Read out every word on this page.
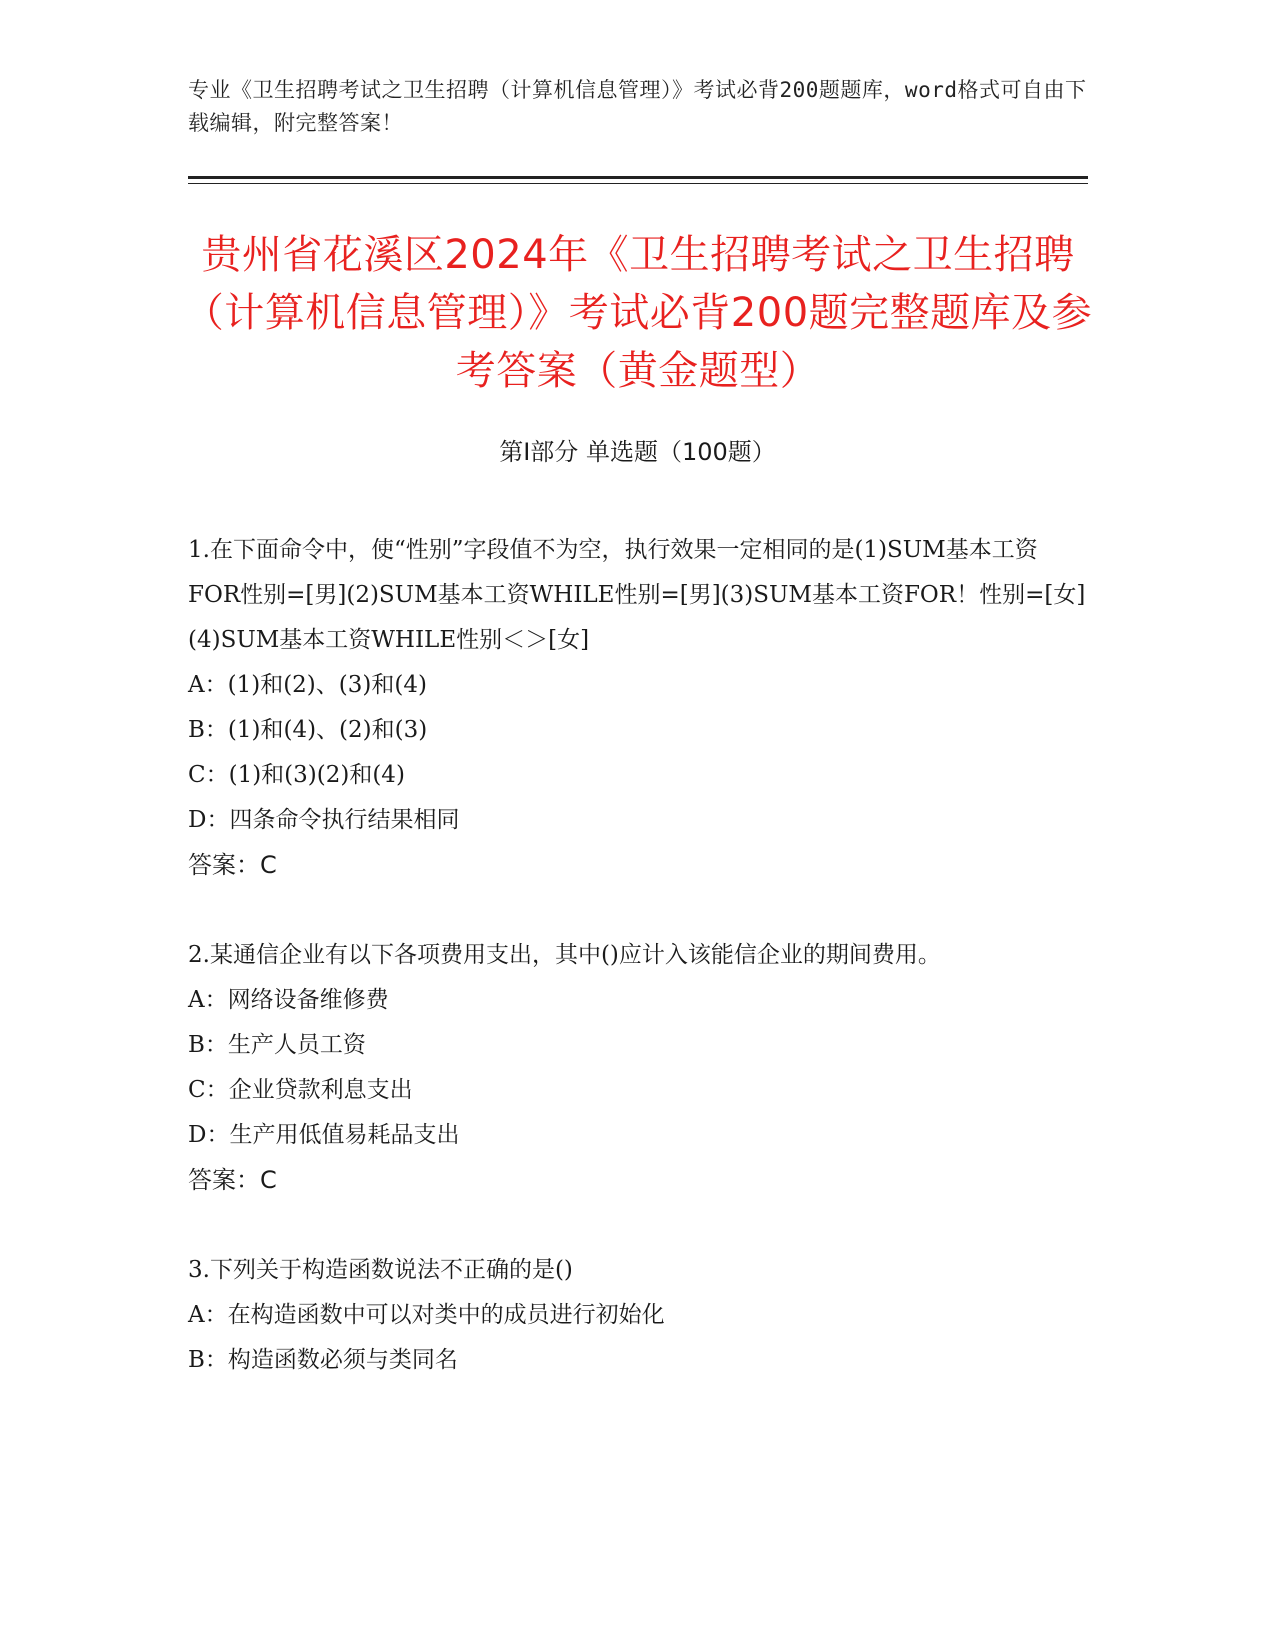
专业《卫生招聘考试之卫生招聘（计算机信息管理）》考试必背200题题库，word格式可自由下载编辑，附完整答案！
贵州省花溪区2024年《卫生招聘考试之卫生招聘（计算机信息管理）》考试必背200题完整题库及参考答案（黄金题型）
第I部分 单选题（100题）

1.在下面命令中，使“性别”字段值不为空，执行效果一定相同的是(1)SUM基本工资FOR性别=[男](2)SUM基本工资WHILE性别=[男](3)SUM基本工资FOR！性别=[女](4)SUM基本工资WHILE性别＜＞[女]

A：(1)和(2)、(3)和(4)

B：(1)和(4)、(2)和(3)

C：(1)和(3)(2)和(4)

D：四条命令执行结果相同

答案：C

2.某通信企业有以下各项费用支出，其中()应计入该能信企业的期间费用。

A：网络设备维修费

B：生产人员工资

C：企业贷款利息支出

D：生产用低值易耗品支出

答案：C

3.下列关于构造函数说法不正确的是()

A：在构造函数中可以对类中的成员进行初始化

B：构造函数必须与类同名
